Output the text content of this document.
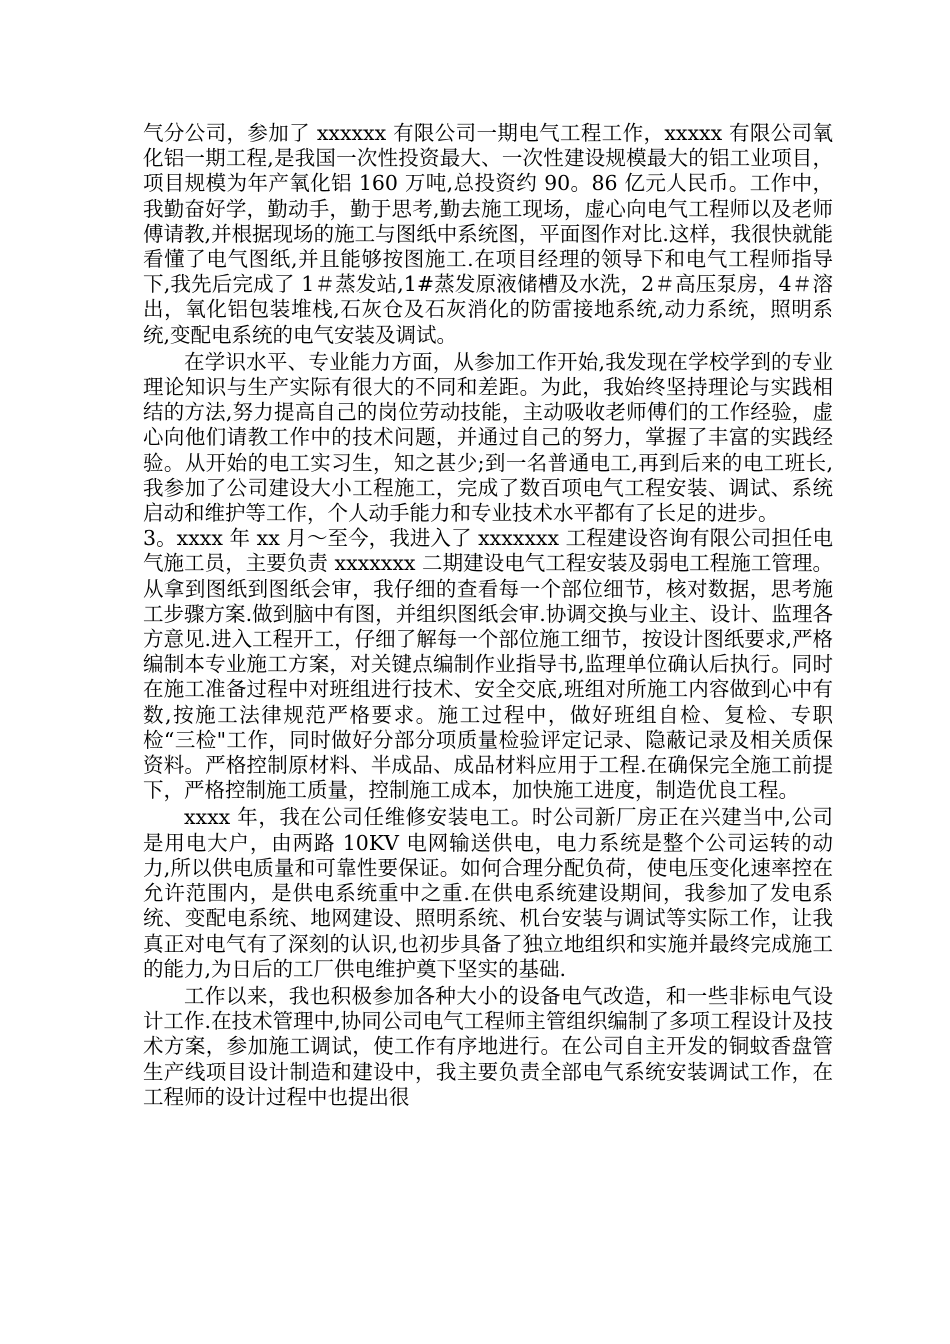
气分公司，参加了 xxxxxx 有限公司一期电气工程工作，xxxxx 有限公司氧化铝一期工程,是我国一次性投资最大、一次性建设规模最大的铝工业项目，项目规模为年产氧化铝 160 万吨,总投资约 90。86 亿元人民币。工作中，我勤奋好学，勤动手，勤于思考,勤去施工现场，虚心向电气工程师以及老师傅请教,并根据现场的施工与图纸中系统图，平面图作对比.这样，我很快就能看懂了电气图纸,并且能够按图施工.在项目经理的领导下和电气工程师指导下,我先后完成了 1＃蒸发站,1#蒸发原液储槽及水洗，2＃高压泵房，4＃溶出，氧化铝包装堆栈,石灰仓及石灰消化的防雷接地系统,动力系统，照明系统,变配电系统的电气安装及调试。

在学识水平、专业能力方面，从参加工作开始,我发现在学校学到的专业理论知识与生产实际有很大的不同和差距。为此，我始终坚持理论与实践相结的方法,努力提高自己的岗位劳动技能，主动吸收老师傅们的工作经验，虚心向他们请教工作中的技术问题，并通过自己的努力，掌握了丰富的实践经验。从开始的电工实习生，知之甚少;到一名普通电工,再到后来的电工班长,我参加了公司建设大小工程施工，完成了数百项电气工程安装、调试、系统启动和维护等工作，个人动手能力和专业技术水平都有了长足的进步。

3。xxxx 年 xx 月～至今，我进入了 xxxxxxx 工程建设咨询有限公司担任电气施工员，主要负责 xxxxxxx 二期建设电气工程安装及弱电工程施工管理。从拿到图纸到图纸会审，我仔细的查看每一个部位细节，核对数据，思考施工步骤方案.做到脑中有图，并组织图纸会审.协调交换与业主、设计、监理各方意见.进入工程开工，仔细了解每一个部位施工细节，按设计图纸要求,严格编制本专业施工方案，对关键点编制作业指导书,监理单位确认后执行。同时在施工准备过程中对班组进行技术、安全交底,班组对所施工内容做到心中有数,按施工法律规范严格要求。施工过程中，做好班组自检、复检、专职检“三检"工作，同时做好分部分项质量检验评定记录、隐蔽记录及相关质保资料。严格控制原材料、半成品、成品材料应用于工程.在确保完全施工前提下，严格控制施工质量，控制施工成本，加快施工进度，制造优良工程。

xxxx 年，我在公司任维修安装电工。时公司新厂房正在兴建当中,公司是用电大户，由两路 10KV 电网输送供电，电力系统是整个公司运转的动力,所以供电质量和可靠性要保证。如何合理分配负荷，使电压变化速率控在允许范围内，是供电系统重中之重.在供电系统建设期间，我参加了发电系统、变配电系统、地网建设、照明系统、机台安装与调试等实际工作，让我真正对电气有了深刻的认识,也初步具备了独立地组织和实施并最终完成施工的能力,为日后的工厂供电维护奠下坚实的基础.

工作以来，我也积极参加各种大小的设备电气改造，和一些非标电气设计工作.在技术管理中,协同公司电气工程师主管组织编制了多项工程设计及技术方案，参加施工调试，使工作有序地进行。在公司自主开发的铜蚊香盘管生产线项目设计制造和建设中，我主要负责全部电气系统安装调试工作，在工程师的设计过程中也提出很
